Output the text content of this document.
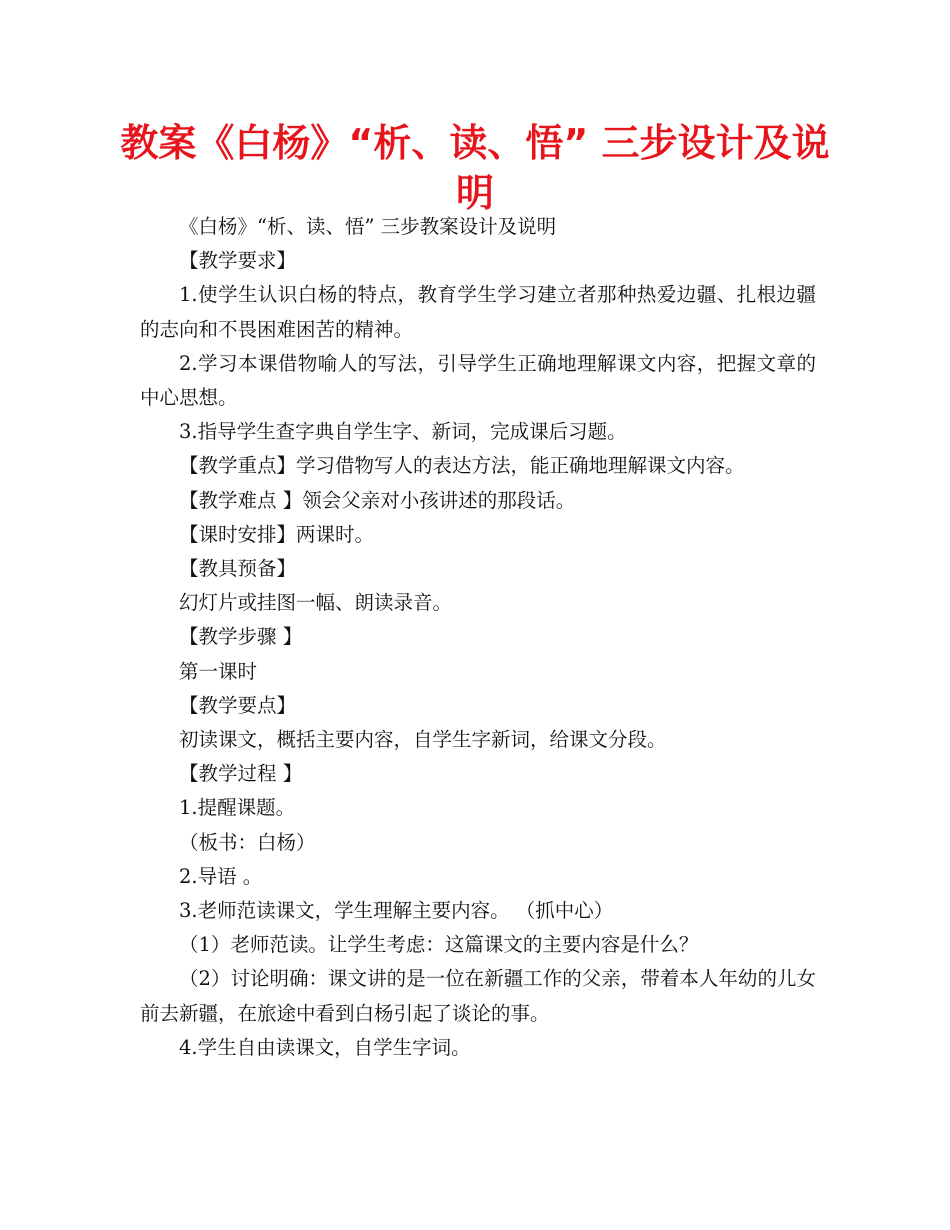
教案《白杨》“析、读、悟” 三步设计及说明

《白杨》“析、读、悟” 三步教案设计及说明

【教学要求】

1.使学生认识白杨的特点，教育学生学习建立者那种热爱边疆、扎根边疆的志向和不畏困难困苦的精神。

2.学习本课借物喻人的写法，引导学生正确地理解课文内容，把握文章的中心思想。

3.指导学生查字典自学生字、新词，完成课后习题。

【教学重点】学习借物写人的表达方法，能正确地理解课文内容。

【教学难点 】领会父亲对小孩讲述的那段话。

【课时安排】两课时。

【教具预备】

幻灯片或挂图一幅、朗读录音。

【教学步骤 】

第一课时

【教学要点】

初读课文，概括主要内容，自学生字新词，给课文分段。

【教学过程 】

1.提醒课题。

（板书：白杨）

2.导语 。

3.老师范读课文，学生理解主要内容。 （抓中心）

（1）老师范读。让学生考虑：这篇课文的主要内容是什么？

（2）讨论明确：课文讲的是一位在新疆工作的父亲，带着本人年幼的儿女前去新疆，在旅途中看到白杨引起了谈论的事。

4.学生自由读课文，自学生字词。
